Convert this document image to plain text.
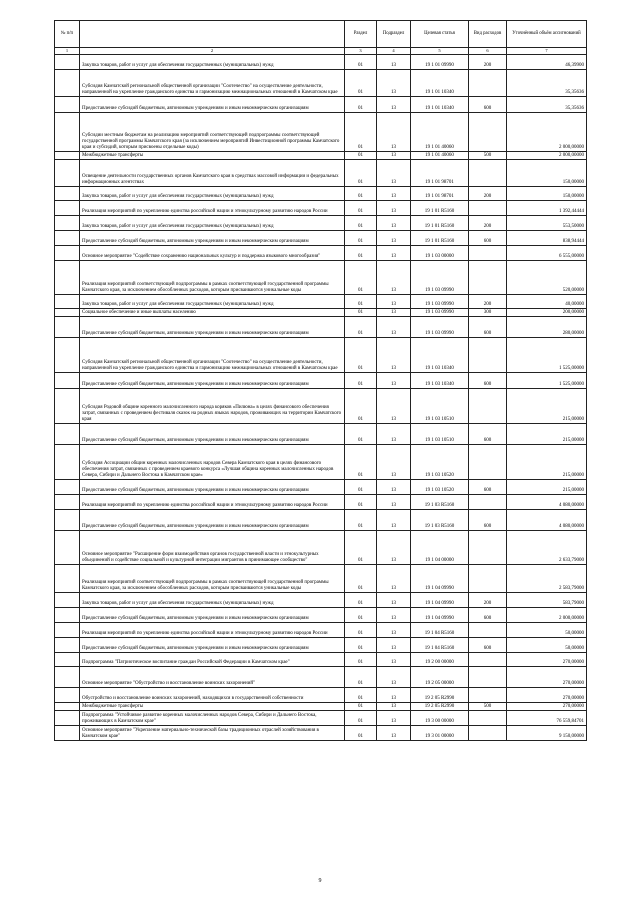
№ п/п		Раздел	Подраздел	Целевая статья	Вид расходов	Уточнённый объём ассигнований
1	2	3	4	5	6	7
	Закупка товаров, работ и услуг для обеспечения государственных (муниципальных) нужд	01	13	19 1 01 09990	200	46,39900
	Субсидия Камчатской региональной общественной организации "Соотечество" на осуществление деятельности, направленной на укрепление гражданского единства и гармонизацию межнациональных отношений в Камчатском крае	01	13	19 1 01 10340		35,35636
	Предоставление субсидий бюджетным, автономным учреждениям и иным некоммерческим организациям	01	13	19 1 01 10340	600	35,35636
	Субсидии местным бюджетам на реализацию мероприятий соответствующей подпрограммы соответствующей государственной программы Камчатского края (за исключением мероприятий Инвестиционной программы Камчатского края и субсидий, которым присвоены отдельные коды)	01	13	19 1 01 40060		2 000,00000
	Межбюджетные трансферты	01	13	19 1 01 40060	500	2 000,00000
	Освещение деятельности государственных органов Камчатского края в средствах массовой информации и федеральных информационных агентствах	01	13	19 1 01 98701		150,00000
	Закупка товаров, работ и услуг для обеспечения государственных (муниципальных) нужд	01	13	19 1 01 98701	200	150,00000
	Реализация мероприятий по укреплению единства российской нации и этнокультурному развитию народов России	01	13	19 1 01 R5160		1 392,44444
	Закупка товаров, работ и услуг для обеспечения государственных (муниципальных) нужд	01	13	19 1 01 R5160	200	553,50000
	Предоставление субсидий бюджетным, автономным учреждениям и иным некоммерческим организациям	01	13	19 1 01 R5160	600	838,94444
	Основное мероприятие "Содействие сохранению национальных культур и поддержка языкового многообразия"	01	13	19 1 03 00000		6 555,00000
	Реализация мероприятий соответствующей подпрограммы в рамках соответствующей государственной программы Камчатского края, за исключением обособленных расходов, которым присваиваются уникальные коды	01	13	19 1 03 09990		520,00000
	Закупка товаров, работ и услуг для обеспечения государственных (муниципальных) нужд	01	13	19 1 03 09990	200	40,00000
	Социальное обеспечение и иные выплаты населению	01	13	19 1 03 09990	300	200,00000
	Предоставление субсидий бюджетным, автономным учреждениям и иным некоммерческим организациям	01	13	19 1 03 09990	600	280,00000
	Субсидия Камчатской региональной общественной организации "Соотечество" на осуществление деятельности, направленной на укрепление гражданского единства и гармонизацию межнациональных отношений в Камчатском крае	01	13	19 1 03 10340		1 525,00000
	Предоставление субсидий бюджетным, автономным учреждениям и иным некоммерческим организациям	01	13	19 1 03 10340	600	1 525,00000
	Субсидия Родовой общине коренного малочисленного народа коряков «Пилюна» в целях финансового обеспечения затрат, связанных с проведением фестиваля сказок на родных языках народов, проживающих на территории Камчатского края	01	13	19 1 03 10510		215,00000
	Предоставление субсидий бюджетным, автономным учреждениям и иным некоммерческим организациям	01	13	19 1 03 10510	600	215,00000
	Субсидия Ассоциации общин коренных малочисленных народов Севера Камчатского края в целях финансового обеспечения затрат, связанных с проведением краевого конкурса «Лучшая община коренных малочисленных народов Севера, Сибири и Дальнего Востока в Камчатском крае»	01	13	19 1 03 10520		215,00000
	Предоставление субсидий бюджетным, автономным учреждениям и иным некоммерческим организациям	01	13	19 1 03 10520	600	215,00000
	Реализация мероприятий по укреплению единства российской нации и этнокультурному развитию народов России	01	13	19 1 03 R5160		4 080,00000
	Предоставление субсидий бюджетным, автономным учреждениям и иным некоммерческим организациям	01	13	19 1 03 R5160	600	4 080,00000
	Основное мероприятие "Расширение форм взаимодействия органов государственной власти и этнокультурных объединений и содействие социальной и культурной интеграции мигрантов в принимающее сообщество"	01	13	19 1 04 00000		2 633,79000
	Реализация мероприятий соответствующей подпрограммы в рамках соответствующей государственной программы Камчатского края, за исключением обособленных расходов, которым присваиваются уникальные коды	01	13	19 1 04 09990		2 583,79000
	Закупка товаров, работ и услуг для обеспечения государственных (муниципальных) нужд	01	13	19 1 04 09990	200	583,79000
	Предоставление субсидий бюджетным, автономным учреждениям и иным некоммерческим организациям	01	13	19 1 04 09990	600	2 000,00000
	Реализация мероприятий по укреплению единства российской нации и этнокультурному развитию народов России	01	13	19 1 04 R5160		50,00000
	Предоставление субсидий бюджетным, автономным учреждениям и иным некоммерческим организациям	01	13	19 1 04 R5160	600	50,00000
	Подпрограмма "Патриотическое воспитание граждан Российской Федерации в Камчатском крае"	01	13	19 2 00 00000		270,00000
	Основное мероприятие "Обустройство и восстановление воинских захоронений"	01	13	19 2 05 00000		270,00000
	Обустройство и восстановление воинских захоронений, находящихся в государственной собственности	01	13	19 2 05 R2990		270,00000
	Межбюджетные трансферты	01	13	19 2 05 R2990	500	270,00000
	Подпрограмма "Устойчивое развитие коренных малочисленных народов Севера, Сибири и Дальнего Востока, проживающих в Камчатском крае"	01	13	19 3 00 00000		76 559,84701
	Основное мероприятие "Укрепление материально-технической базы традиционных отраслей хозяйствования в Камчатском крае"	01	13	19 3 01 00000		9 150,00000
9
